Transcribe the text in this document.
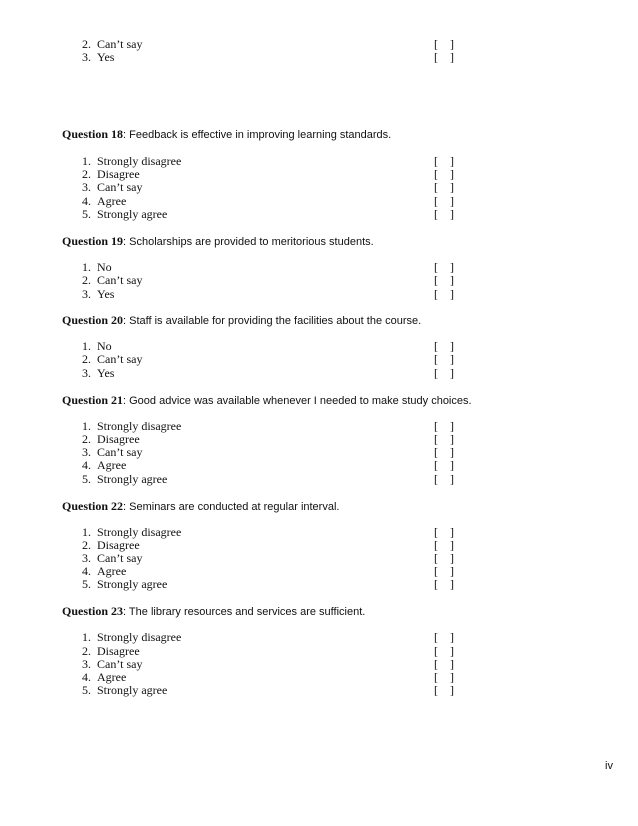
2. Can’t say	[    ]
3. Yes	[    ]
Question 18: Feedback is effective in improving learning standards.
1. Strongly disagree	[    ]
2. Disagree	[    ]
3. Can’t say	[    ]
4. Agree	[    ]
5. Strongly agree	[    ]
Question 19: Scholarships are provided to meritorious students.
1. No	[    ]
2. Can’t say	[    ]
3. Yes	[    ]
Question 20: Staff is available for providing the facilities about the course.
1. No	[    ]
2. Can’t say	[    ]
3. Yes	[    ]
Question 21: Good advice was available whenever I needed to make study choices.
1. Strongly disagree	[    ]
2. Disagree	[    ]
3. Can’t say	[    ]
4. Agree	[    ]
5. Strongly agree	[    ]
Question 22: Seminars are conducted at regular interval.
1. Strongly disagree	[    ]
2. Disagree	[    ]
3. Can’t say	[    ]
4. Agree	[    ]
5. Strongly agree	[    ]
Question 23: The library resources and services are sufficient.
1. Strongly disagree	[    ]
2. Disagree	[    ]
3. Can’t say	[    ]
4. Agree	[    ]
5. Strongly agree	[    ]
iv
